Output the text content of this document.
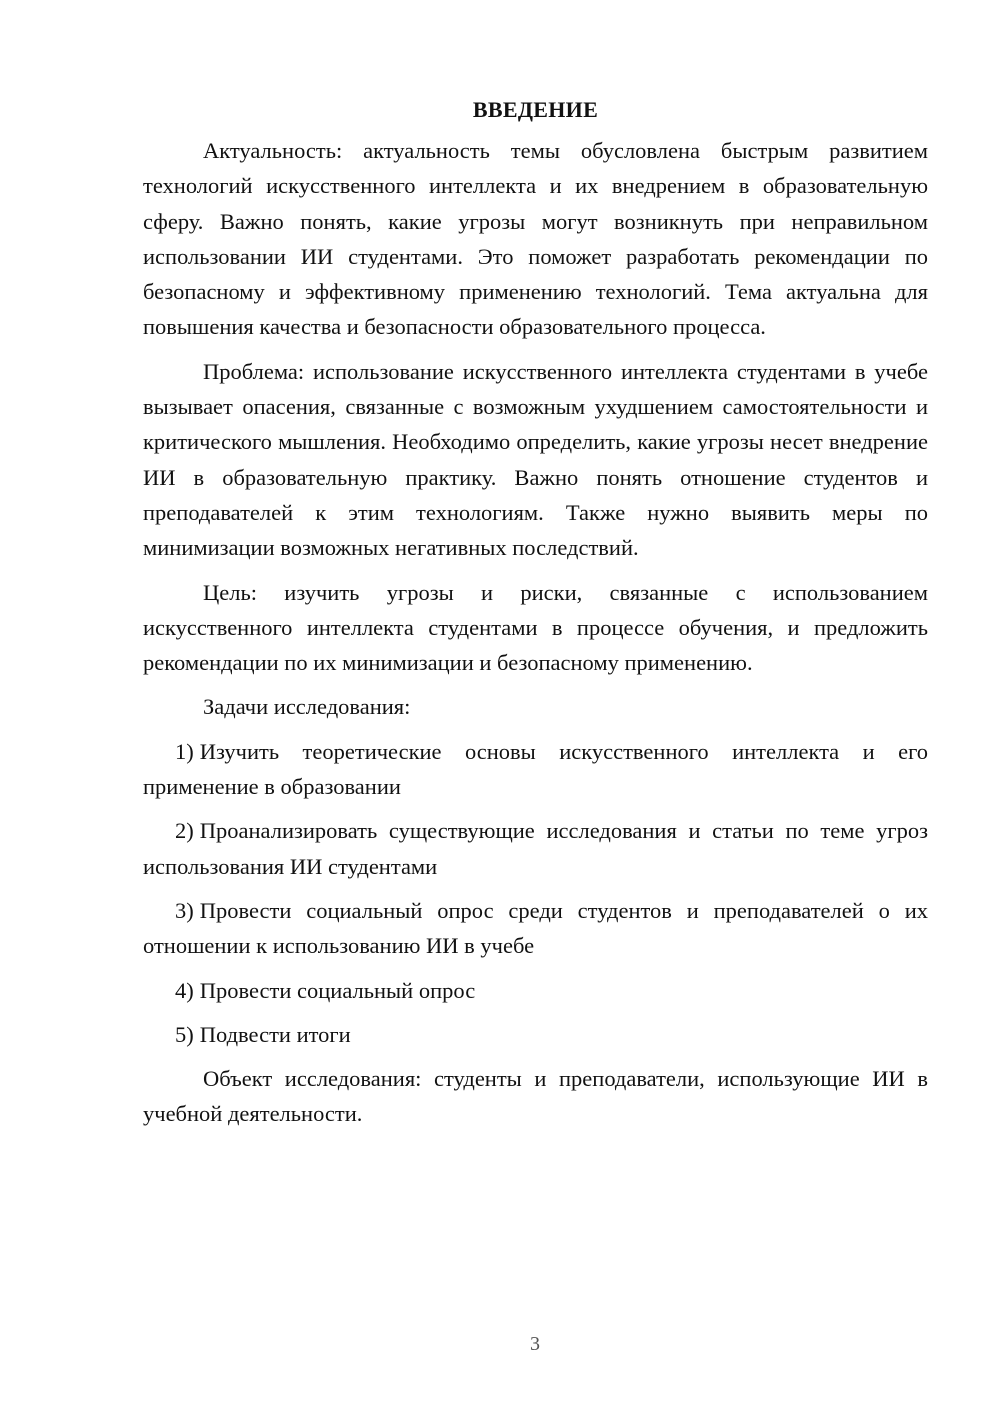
ВВЕДЕНИЕ

Актуальность: актуальность темы обусловлена быстрым развитием технологий искусственного интеллекта и их внедрением в образовательную сферу. Важно понять, какие угрозы могут возникнуть при неправильном использовании ИИ студентами. Это поможет разработать рекомендации по безопасному и эффективному применению технологий. Тема актуальна для повышения качества и безопасности образовательного процесса.

Проблема: использование искусственного интеллекта студентами в учебе вызывает опасения, связанные с возможным ухудшением самостоятельности и критического мышления. Необходимо определить, какие угрозы несет внедрение ИИ в образовательную практику. Важно понять отношение студентов и преподавателей к этим технологиям. Также нужно выявить меры по минимизации возможных негативных последствий.

Цель: изучить угрозы и риски, связанные с использованием искусственного интеллекта студентами в процессе обучения, и предложить рекомендации по их минимизации и безопасному применению.

Задачи исследования:

1) Изучить теоретические основы искусственного интеллекта и его применение в образовании

2) Проанализировать существующие исследования и статьи по теме угроз использования ИИ студентами

3) Провести социальный опрос среди студентов и преподавателей о их отношении к использованию ИИ в учебе

4) Провести социальный опрос

5) Подвести итоги

Объект исследования: студенты и преподаватели, использующие ИИ в учебной деятельности.

3
